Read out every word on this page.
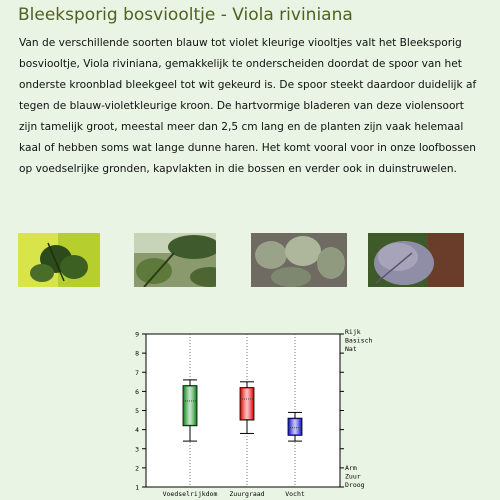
Bleeksporig bosviooltje - Viola riviniana
Van de verschillende soorten blauw tot violet kleurige viooltjes valt het Bleeksporig
bosviooltje, Viola riviniana, gemakkelijk te onderscheiden doordat de spoor van het
onderste kroonblad bleekgeel tot wit gekeurd is. De spoor steekt daardoor duidelijk af
tegen de blauw-violetkleurige kroon. De hartvormige bladeren van deze violensoort
zijn tamelijk groot, meestal meer dan 2,5 cm lang en de planten zijn vaak helemaal
kaal of hebben soms wat lange dunne haren. Het komt vooral voor in onze loofbossen
op voedselrijke gronden, kapvlakten in die bossen en verder ook in duinstruwelen.
1
2
3
4
5
6
7
8
9
Voedselrijkdom Zuurgraad	Vocht
Rijk
Basisch
Nat
Arm
Zuur
Droog
